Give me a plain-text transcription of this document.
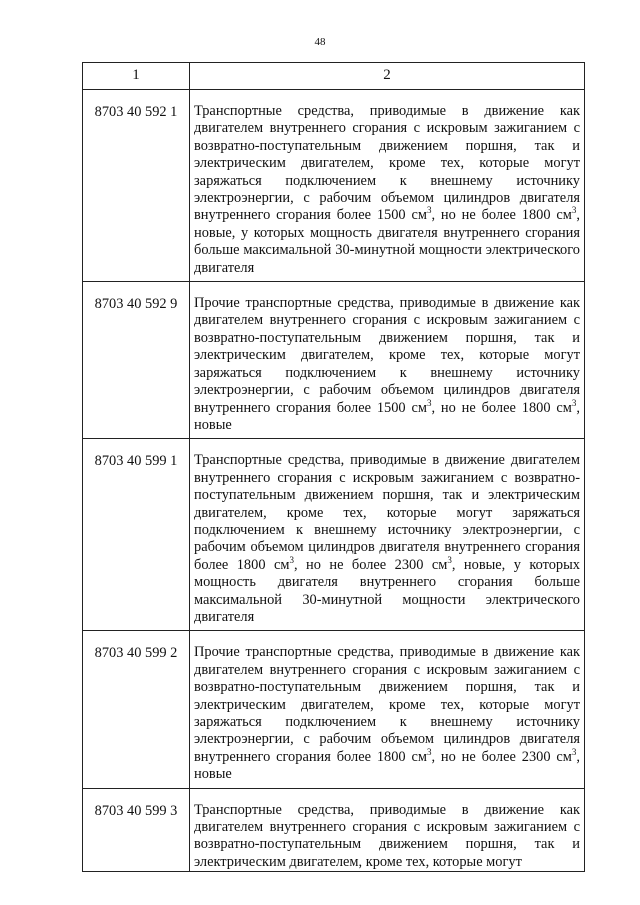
48
1	2
8703 40 592 1	Транспортные средства, приводимые в движение как двигателем внутреннего сгорания с искровым зажиганием с возвратно-поступательным движением поршня, так и электрическим двигателем, кроме тех, которые могут заряжаться подключением к внешнему источнику электроэнергии, с рабочим объемом цилиндров двигателя внутреннего сгорания более 1500 $см^3$, но не более 1800 $см^3$, новые, у которых мощность двигателя внутреннего сгорания больше максимальной 30-минутной мощности электрического двигателя
8703 40 592 9	Прочие транспортные средства, приводимые в движение как двигателем внутреннего сгорания с искровым зажиганием с возвратно-поступательным движением поршня, так и электрическим двигателем, кроме тех, которые могут заряжаться подключением к внешнему источнику электроэнергии, с рабочим объемом цилиндров двигателя внутреннего сгорания более 1500 $см^3$, но не более 1800 $см^3$, новые
8703 40 599 1	Транспортные средства, приводимые в движение двигателем внутреннего сгорания с искровым зажиганием с возвратно-поступательным движением поршня, так и электрическим двигателем, кроме тех, которые могут заряжаться подключением к внешнему источнику электроэнергии, с рабочим объемом цилиндров двигателя внутреннего сгорания более 1800 $см^3$, но не более 2300 $см^3$, новые, у которых мощность двигателя внутреннего сгорания больше максимальной 30-минутной мощности электрического двигателя
8703 40 599 2	Прочие транспортные средства, приводимые в движение как двигателем внутреннего сгорания с искровым зажиганием с возвратно-поступательным движением поршня, так и электрическим двигателем, кроме тех, которые могут заряжаться подключением к внешнему источнику электроэнергии, с рабочим объемом цилиндров двигателя внутреннего сгорания более 1800 $см^3$, но не более 2300 $см^3$, новые
8703 40 599 3	Транспортные средства, приводимые в движение как двигателем внутреннего сгорания с искровым зажиганием с возвратно-поступательным движением поршня, так и электрическим двигателем, кроме тех, которые могут
